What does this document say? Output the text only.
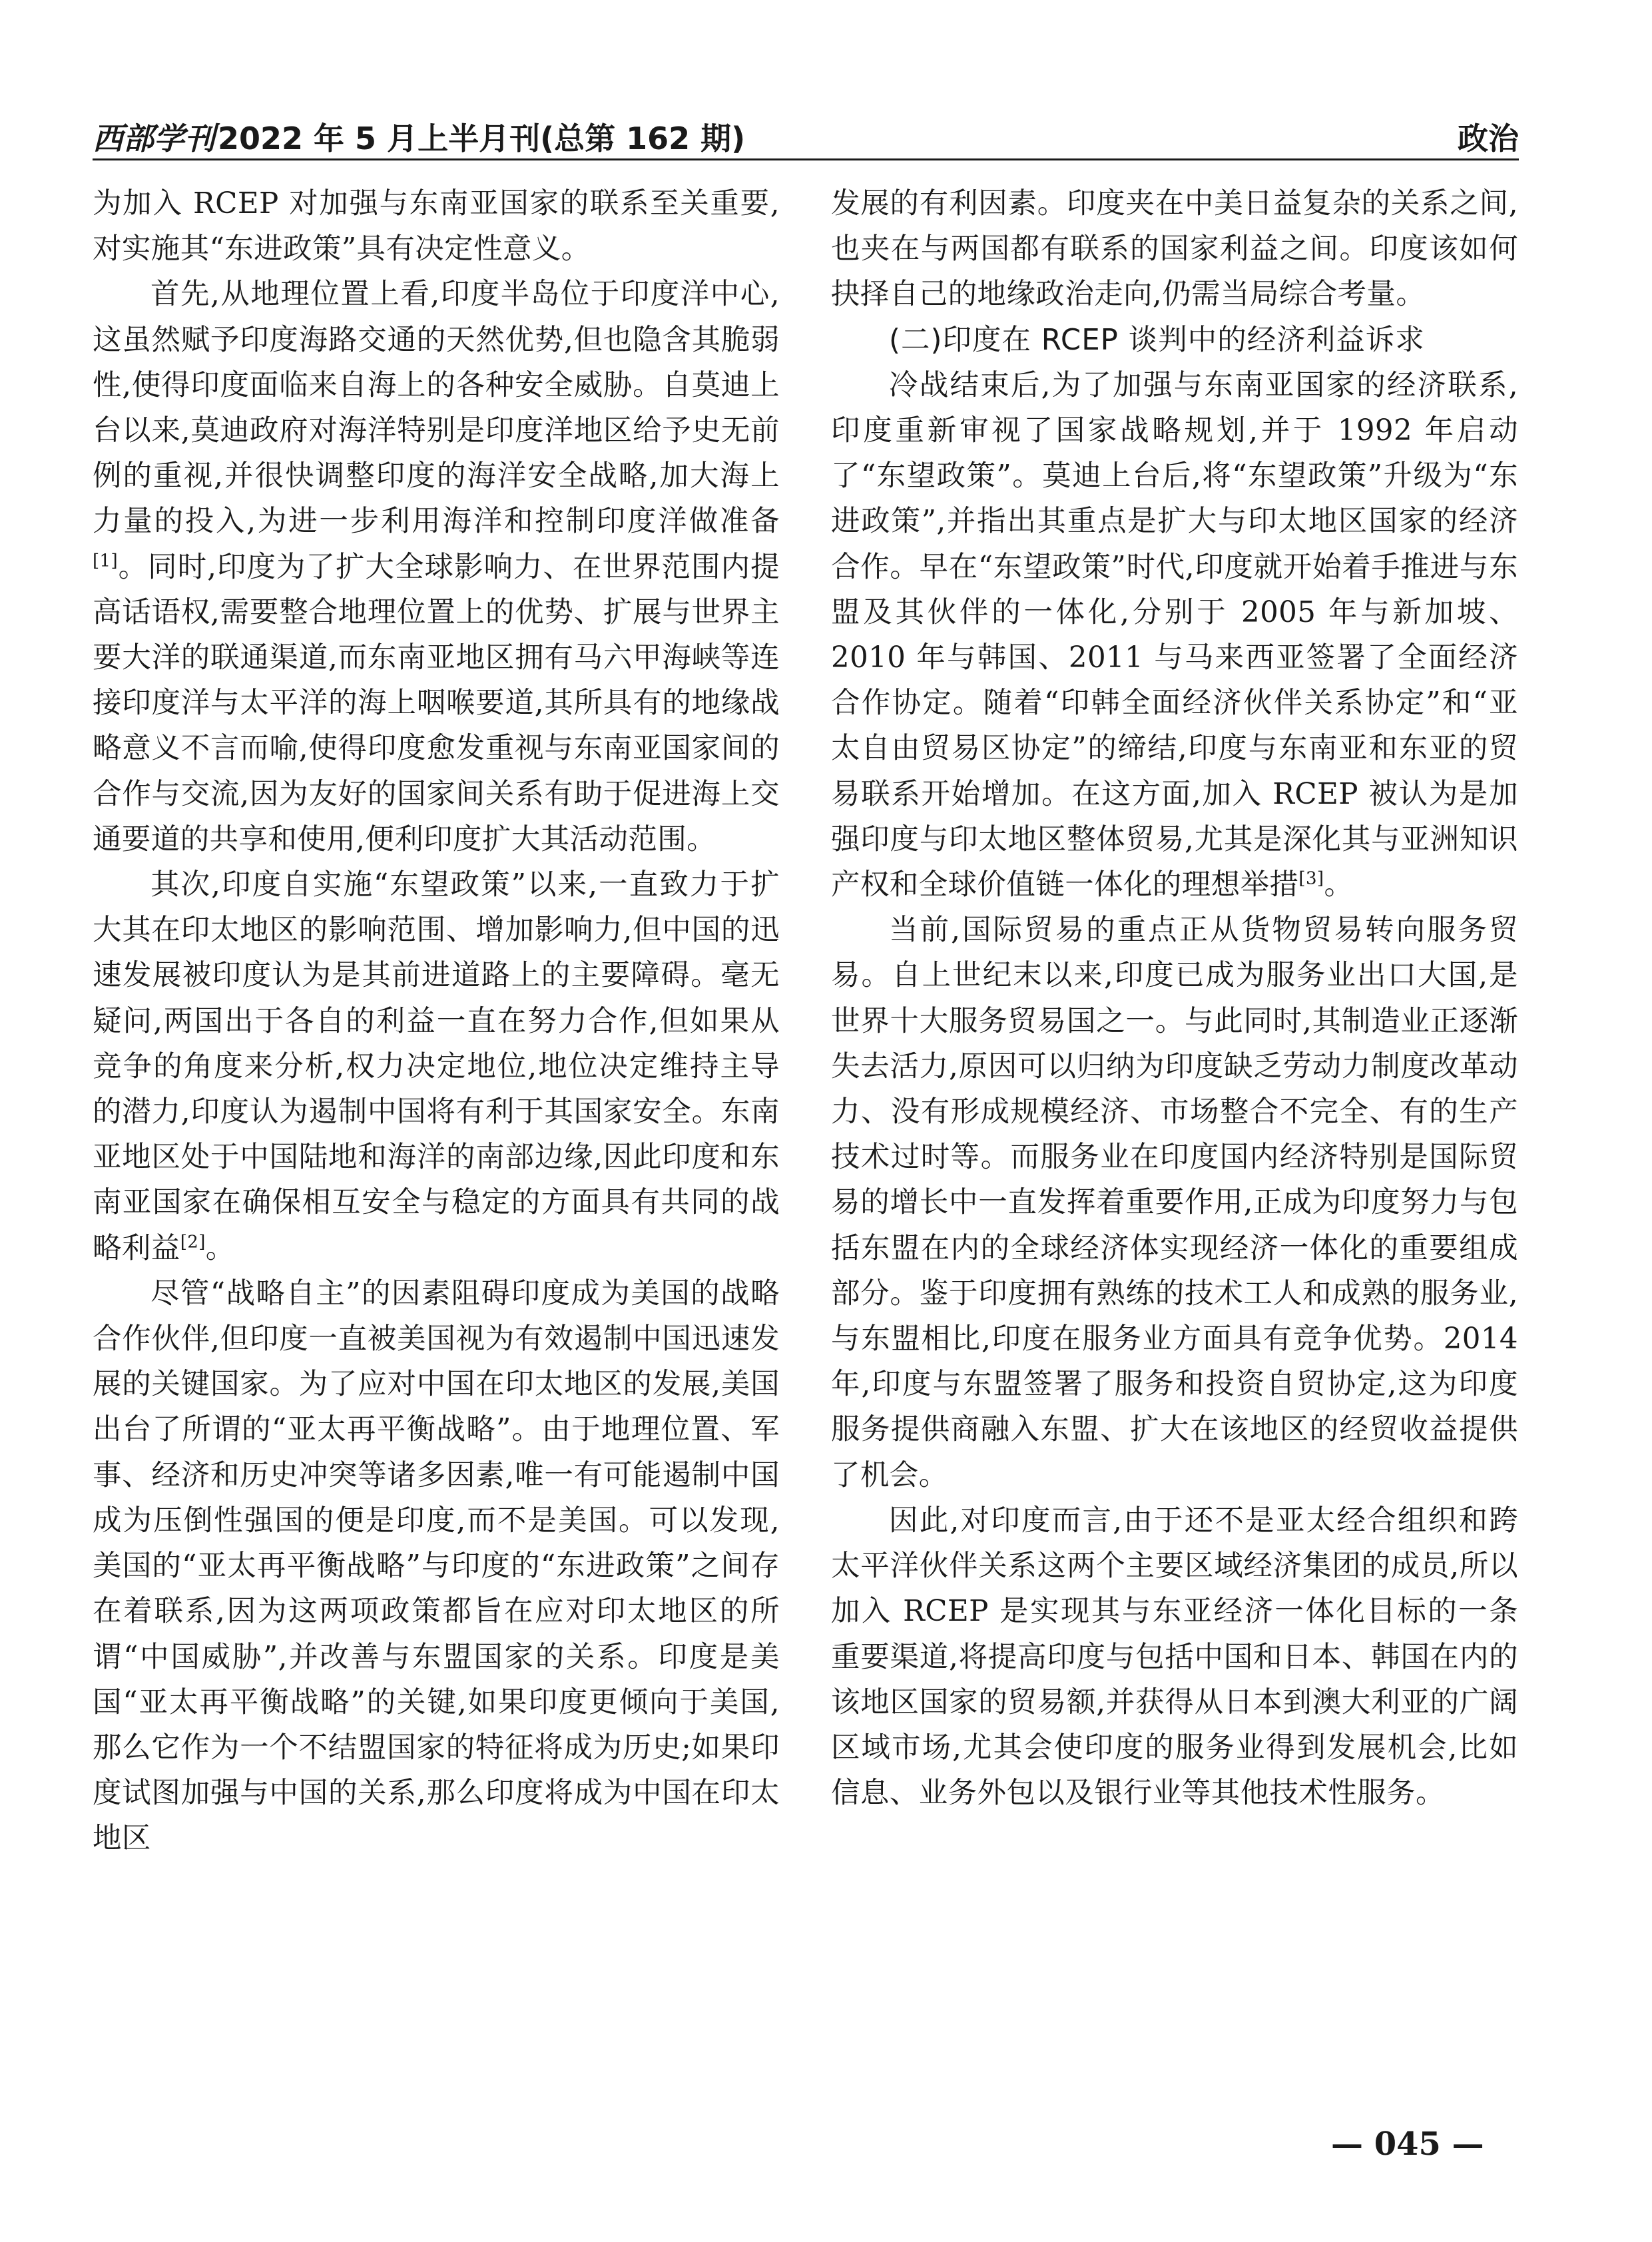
西部学刊2022 年 5 月上半月刊(总第 162 期)	政治

为加入 RCEP 对加强与东南亚国家的联系至关重要,对实施其“东进政策”具有决定性意义。

首先,从地理位置上看,印度半岛位于印度洋中心,这虽然赋予印度海路交通的天然优势,但也隐含其脆弱性,使得印度面临来自海上的各种安全威胁。自莫迪上台以来,莫迪政府对海洋特别是印度洋地区给予史无前例的重视,并很快调整印度的海洋安全战略,加大海上力量的投入,为进一步利用海洋和控制印度洋做准备[1]。同时,印度为了扩大全球影响力、在世界范围内提高话语权,需要整合地理位置上的优势、扩展与世界主要大洋的联通渠道,而东南亚地区拥有马六甲海峡等连接印度洋与太平洋的海上咽喉要道,其所具有的地缘战略意义不言而喻,使得印度愈发重视与东南亚国家间的合作与交流,因为友好的国家间关系有助于促进海上交通要道的共享和使用,便利印度扩大其活动范围。

其次,印度自实施“东望政策”以来,一直致力于扩大其在印太地区的影响范围、增加影响力,但中国的迅速发展被印度认为是其前进道路上的主要障碍。毫无疑问,两国出于各自的利益一直在努力合作,但如果从竞争的角度来分析,权力决定地位,地位决定维持主导的潜力,印度认为遏制中国将有利于其国家安全。东南亚地区处于中国陆地和海洋的南部边缘,因此印度和东南亚国家在确保相互安全与稳定的方面具有共同的战略利益[2]。

尽管“战略自主”的因素阻碍印度成为美国的战略合作伙伴,但印度一直被美国视为有效遏制中国迅速发展的关键国家。为了应对中国在印太地区的发展,美国出台了所谓的“亚太再平衡战略”。由于地理位置、军事、经济和历史冲突等诸多因素,唯一有可能遏制中国成为压倒性强国的便是印度,而不是美国。可以发现,美国的“亚太再平衡战略”与印度的“东进政策”之间存在着联系,因为这两项政策都旨在应对印太地区的所谓“中国威胁”,并改善与东盟国家的关系。印度是美国“亚太再平衡战略”的关键,如果印度更倾向于美国,那么它作为一个不结盟国家的特征将成为历史;如果印度试图加强与中国的关系,那么印度将成为中国在印太地区

发展的有利因素。印度夹在中美日益复杂的关系之间,也夹在与两国都有联系的国家利益之间。印度该如何抉择自己的地缘政治走向,仍需当局综合考量。

(二)印度在 RCEP 谈判中的经济利益诉求

冷战结束后,为了加强与东南亚国家的经济联系,印度重新审视了国家战略规划,并于 1992 年启动了“东望政策”。莫迪上台后,将“东望政策”升级为“东进政策”,并指出其重点是扩大与印太地区国家的经济合作。早在“东望政策”时代,印度就开始着手推进与东盟及其伙伴的一体化,分别于 2005 年与新加坡、2010 年与韩国、2011 与马来西亚签署了全面经济合作协定。随着“印韩全面经济伙伴关系协定”和“亚太自由贸易区协定”的缔结,印度与东南亚和东亚的贸易联系开始增加。在这方面,加入 RCEP 被认为是加强印度与印太地区整体贸易,尤其是深化其与亚洲知识产权和全球价值链一体化的理想举措[3]。

当前,国际贸易的重点正从货物贸易转向服务贸易。自上世纪末以来,印度已成为服务业出口大国,是世界十大服务贸易国之一。与此同时,其制造业正逐渐失去活力,原因可以归纳为印度缺乏劳动力制度改革动力、没有形成规模经济、市场整合不完全、有的生产技术过时等。而服务业在印度国内经济特别是国际贸易的增长中一直发挥着重要作用,正成为印度努力与包括东盟在内的全球经济体实现经济一体化的重要组成部分。鉴于印度拥有熟练的技术工人和成熟的服务业,与东盟相比,印度在服务业方面具有竞争优势。2014 年,印度与东盟签署了服务和投资自贸协定,这为印度服务提供商融入东盟、扩大在该地区的经贸收益提供了机会。

因此,对印度而言,由于还不是亚太经合组织和跨太平洋伙伴关系这两个主要区域经济集团的成员,所以加入 RCEP 是实现其与东亚经济一体化目标的一条重要渠道,将提高印度与包括中国和日本、韩国在内的该地区国家的贸易额,并获得从日本到澳大利亚的广阔区域市场,尤其会使印度的服务业得到发展机会,比如信息、业务外包以及银行业等其他技术性服务。

— 045 —
